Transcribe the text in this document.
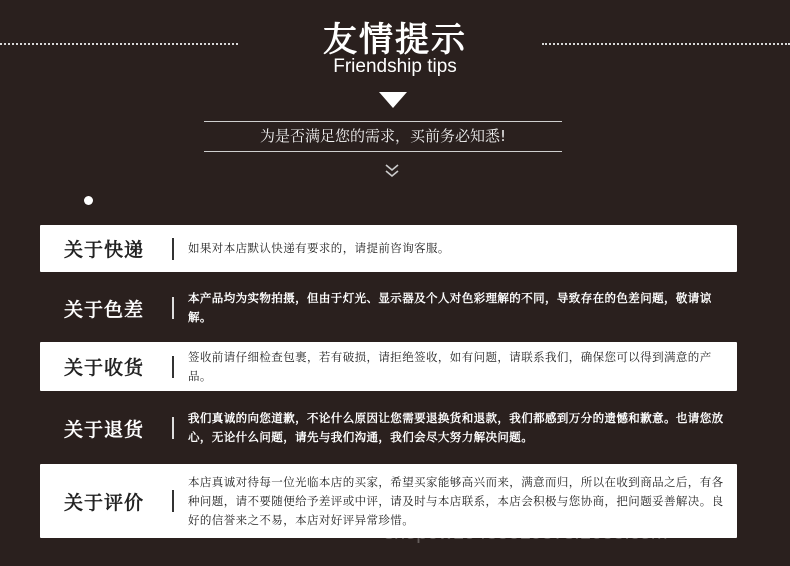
友情提示
Friendship tips
为是否满足您的需求，买前务必知悉!
关于快递	如果对本店默认快递有要求的，请提前咨询客服。
关于色差
本产品均为实物拍摄，但由于灯光、显示器及个人对色彩理解的不同，导致存在的色差问题，敬请谅解。
关于收货
签收前请仔细检查包裹，若有破损，请拒绝签收，如有问题，请联系我们，确保您可以得到满意的产品。
关于退货
我们真诚的向您道歉，不论什么原因让您需要退换货和退款，我们都感到万分的遗憾和歉意。也请您放心，无论什么问题，请先与我们沟通，我们会尽大努力解决问题。
关于评价
本店真诚对待每一位光临本店的买家，希望买家能够高兴而来，满意而归，所以在收到商品之后，有各种问题，请不要随便给予差评或中评，请及时与本店联系，本店会积极与您协商，把问题妥善解决。良好的信誉来之不易，本店对好评异常珍惜。
shop0w1048501957s.1688.com
